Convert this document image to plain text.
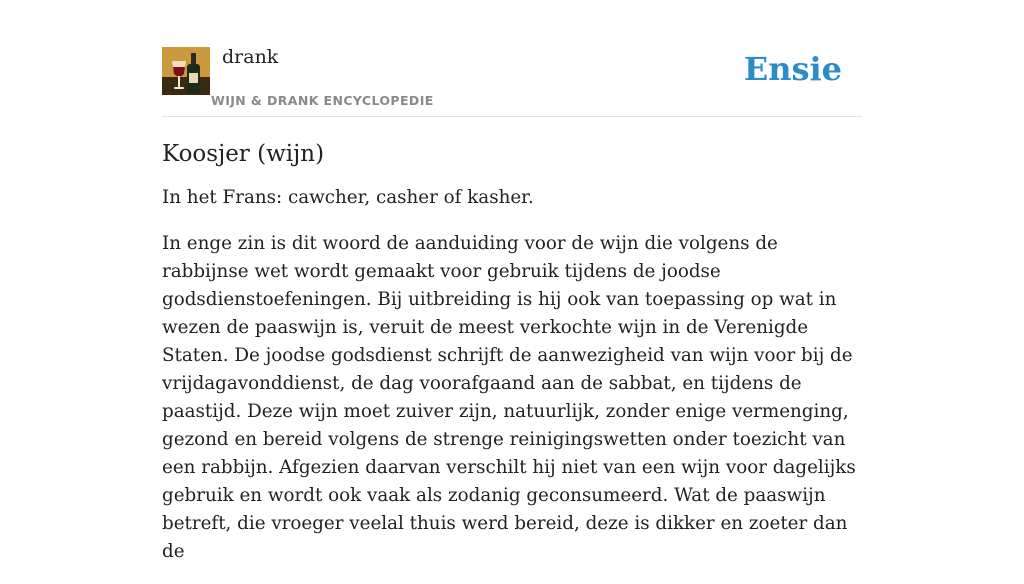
drank
WIJN & DRANK ENCYCLOPEDIE
Ensie
Koosjer (wijn)

In het Frans: cawcher, casher of kasher.

In enge zin is dit woord de aanduiding voor de wijn die volgens de rabbijnse wet wordt gemaakt voor gebruik tijdens de joodse godsdienstoefeningen. Bij uitbreiding is hij ook van toepassing op wat in wezen de paaswijn is, veruit de meest verkochte wijn in de Verenigde Staten. De joodse godsdienst schrijft de aanwezigheid van wijn voor bij de vrijdagavonddienst, de dag voorafgaand aan de sabbat, en tijdens de paastijd. Deze wijn moet zuiver zijn, natuurlijk, zonder enige vermenging, gezond en bereid volgens de strenge reinigingswetten onder toezicht van een rabbijn. Afgezien daarvan verschilt hij niet van een wijn voor dagelijks gebruik en wordt ook vaak als zodanig geconsumeerd. Wat de paaswijn betreft, die vroeger veelal thuis werd bereid, deze is dikker en zoeter dan de
